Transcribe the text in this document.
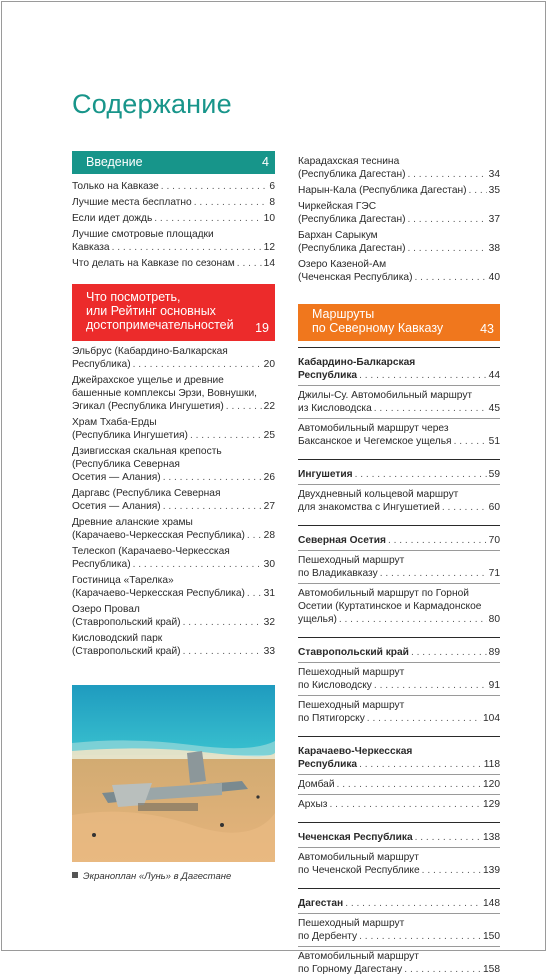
Содержание
Введение	4
Только на Кавказе . . .	6
Лучшие места бесплатно . . .	8
Если идет дождь . . .	10
Лучшие смотровые площадки
Кавказа . . .	12
Что делать на Кавказе по сезонам . . .	14
Что посмотреть,
или Рейтинг основных
достопримечательностей	19
Эльбрус (Кабардино-Балкарская
Республика) . . .	20
Джейрахское ущелье и древние
башенные комплексы Эрзи, Вовнушки,
Эгикал (Республика Ингушетия) . . .	22
Храм Тхаба-Ерды
(Республика Ингушетия) . . .	25
Дзивгисская скальная крепость
(Республика Северная
Осетия — Алания) . . .	26
Даргавс (Республика Северная
Осетия — Алания) . . .	27
Древние аланские храмы
(Карачаево-Черкесская Республика) . . . 28
Телескоп (Карачаево-Черкесская
Республика) . . .	30
Гостиница «Тарелка»
(Карачаево-Черкесская Республика) . . . 31
Озеро Провал
(Ставропольский край) . . .	32
Кисловодский парк
(Ставропольский край) . . .	33
Экраноплан «Лунь» в Дагестане
Карадахская теснина
(Республика Дагестан) . . .	34
Нарын-Кала (Республика Дагестан) . . . 35
Чиркейская ГЭС
(Республика Дагестан) . . .	37
Бархан Сарыкум
(Республика Дагестан) . . .	38
Озеро Казеной-Ам
(Чеченская Республика) . . .	40
Маршруты
по Северному Кавказу	43
Кабардино-Балкарская
Республика . . .	44
Джилы-Су. Автомобильный маршрут
из Кисловодска . . .	45
Автомобильный маршрут через
Баксанское и Чегемское ущелья . . .	51
Ингушетия . . .	59
Двухдневный кольцевой маршрут
для знакомства с Ингушетией . . .	60
Северная Осетия . . .	70
Пешеходный маршрут
по Владикавказу . . .	71
Автомобильный маршрут по Горной
Осетии (Куртатинское и Кармадонское
ущелья) . . .	80
Ставропольский край . . .	89
Пешеходный маршрут
по Кисловодску . . .	91
Пешеходный маршрут
по Пятигорску . . .	104
Карачаево-Черкесская
Республика . . .	118
Домбай . . .	120
Архыз . . .	129
Чеченская Республика . . .	138
Автомобильный маршрут
по Чеченской Республике . . .	139
Дагестан . . .	148
Пешеходный маршрут
по Дербенту . . .	150
Автомобильный маршрут
по Горному Дагестану . . .	158
